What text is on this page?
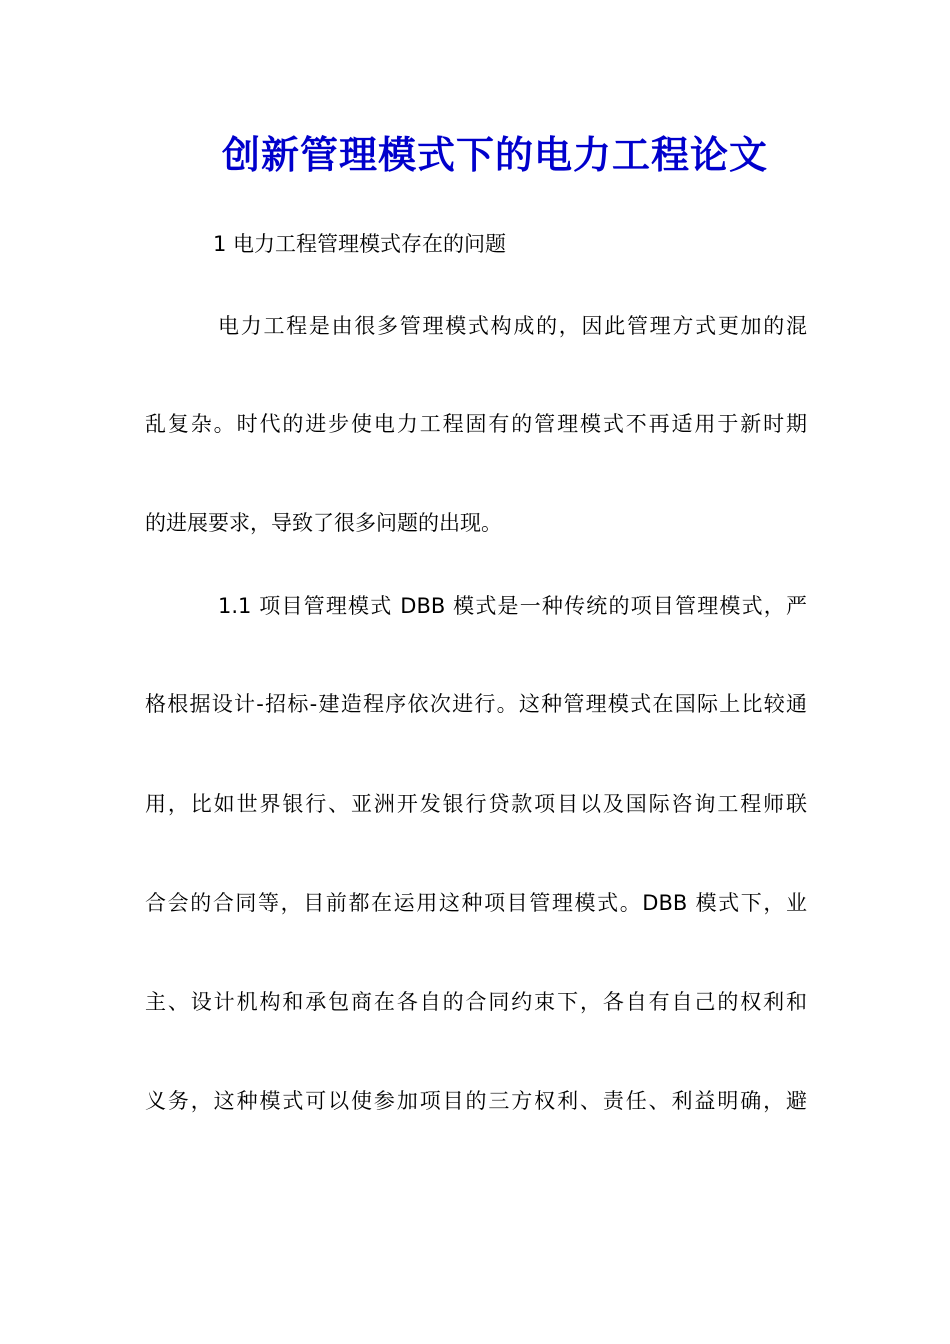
创新管理模式下的电力工程论文
1 电力工程管理模式存在的问题
电力工程是由很多管理模式构成的，因此管理方式更加的混
乱复杂。时代的进步使电力工程固有的管理模式不再适用于新时期
的进展要求，导致了很多问题的出现。
1.1 项目管理模式 DBB 模式是一种传统的项目管理模式，严
格根据设计-招标-建造程序依次进行。这种管理模式在国际上比较通
用，比如世界银行、亚洲开发银行贷款项目以及国际咨询工程师联
合会的合同等，目前都在运用这种项目管理模式。DBB 模式下，业
主、设计机构和承包商在各自的合同约束下，各自有自己的权利和
义务，这种模式可以使参加项目的三方权利、责任、利益明确，避
